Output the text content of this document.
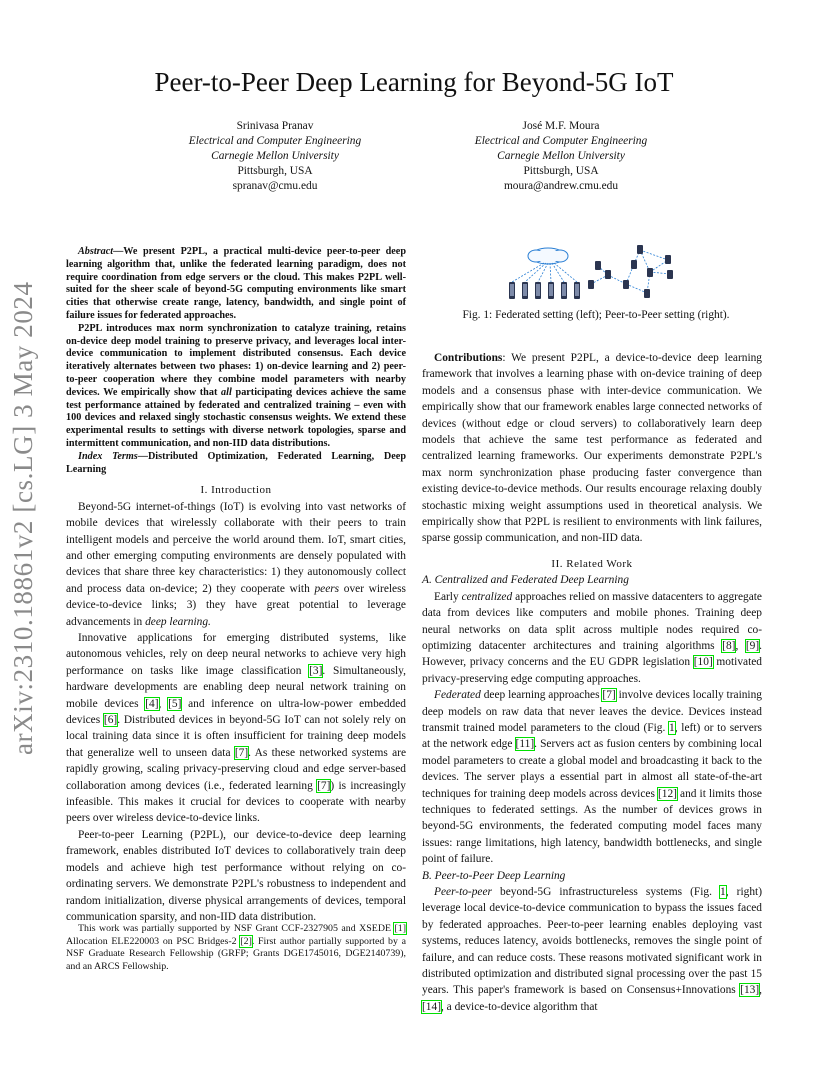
Peer-to-Peer Deep Learning for Beyond-5G IoT
Srinivasa Pranav
Electrical and Computer Engineering
Carnegie Mellon University
Pittsburgh, USA
spranav@cmu.edu
José M.F. Moura
Electrical and Computer Engineering
Carnegie Mellon University
Pittsburgh, USA
moura@andrew.cmu.edu
arXiv:2310.18861v2 [cs.LG] 3 May 2024

Abstract—We present P2PL, a practical multi-device peer-to-peer deep learning algorithm that, unlike the federated learning paradigm, does not require coordination from edge servers or the cloud. This makes P2PL well-suited for the sheer scale of beyond-5G computing environments like smart cities that otherwise create range, latency, bandwidth, and single point of failure issues for federated approaches.

P2PL introduces max norm synchronization to catalyze training, retains on-device deep model training to preserve privacy, and leverages local inter-device communication to implement distributed consensus. Each device iteratively alternates between two phases: 1) on-device learning and 2) peer-to-peer cooperation where they combine model parameters with nearby devices. We empirically show that all participating devices achieve the same test performance attained by federated and centralized training – even with 100 devices and relaxed singly stochastic consensus weights. We extend these experimental results to settings with diverse network topologies, sparse and intermittent communication, and non-IID data distributions.

Index Terms—Distributed Optimization, Federated Learning, Deep Learning

I. Introduction

Beyond-5G internet-of-things (IoT) is evolving into vast networks of mobile devices that wirelessly collaborate with their peers to train intelligent models and perceive the world around them. IoT, smart cities, and other emerging computing environments are densely populated with devices that share three key characteristics: 1) they autonomously collect and process data on-device; 2) they cooperate with peers over wireless device-to-device links; 3) they have great potential to leverage advancements in deep learning.

Innovative applications for emerging distributed systems, like autonomous vehicles, rely on deep neural networks to achieve very high performance on tasks like image classification [ 3 ] . Simultaneously, hardware developments are enabling deep neural network training on mobile devices [ 4 ] , [ 5 ] and inference on ultra-low-power embedded devices [ 6 ] . Distributed devices in beyond-5G IoT can not solely rely on local training data since it is often insufficient for training deep models that generalize well to unseen data [ 7 ] . As these networked systems are rapidly growing, scaling privacy-preserving cloud and edge server-based collaboration among devices (i.e., federated learning [ 7 ] ) is increasingly infeasible. This makes it crucial for devices to cooperate with nearby peers over wireless device-to-device links.

Peer-to-peer Learning (P2PL), our device-to-device deep learning framework, enables distributed IoT devices to collaboratively train deep models and achieve high test performance without relying on co-ordinating servers. We demonstrate P2PL's robustness to independent and random initialization, diverse physical arrangements of devices, temporal communication sparsity, and non-IID data distribution.

This work was partially supported by NSF Grant CCF-2327905 and XSEDE [ 1 ] Allocation ELE220003 on PSC Bridges-2 [ 2 ] . First author partially supported by a NSF Graduate Research Fellowship (GRFP; Grants DGE1745016, DGE2140739), and an ARCS Fellowship.

Fig. 1: Federated setting (left); Peer-to-Peer setting (right).

Contributions: We present P2PL, a device-to-device deep learning framework that involves a learning phase with on-device training of deep models and a consensus phase with inter-device communication. We empirically show that our framework enables large connected networks of devices (without edge or cloud servers) to collaboratively learn deep models that achieve the same test performance as federated and centralized learning frameworks. Our experiments demonstrate P2PL's max norm synchronization phase producing faster convergence than existing device-to-device methods. Our results encourage relaxing doubly stochastic mixing weight assumptions used in theoretical analysis. We empirically show that P2PL is resilient to environments with link failures, sparse gossip communication, and non-IID data.

II. Related Work

A. Centralized and Federated Deep Learning

Early centralized approaches relied on massive datacenters to aggregate data from devices like computers and mobile phones. Training deep neural networks on data split across multiple nodes required co-optimizing datacenter architectures and training algorithms [ 8 ] , [ 9 ] . However, privacy concerns and the EU GDPR legislation [ 10 ] motivated privacy-preserving edge computing approaches.

Federated deep learning approaches [ 7 ] involve devices locally training deep models on raw data that never leaves the device. Devices instead transmit trained model parameters to the cloud (Fig. 1, left) or to servers at the network edge [ 11 ] . Servers act as fusion centers by combining local model parameters to create a global model and broadcasting it back to the devices. The server plays a essential part in almost all state-of-the-art techniques for training deep models across devices [ 12 ] and it limits those techniques to federated settings. As the number of devices grows in beyond-5G environments, the federated computing model faces many issues: range limitations, high latency, bandwidth bottlenecks, and single point of failure.

B. Peer-to-Peer Deep Learning

Peer-to-peer beyond-5G infrastructureless systems (Fig. 1, right) leverage local device-to-device communication to bypass the issues faced by federated approaches. Peer-to-peer learning enables deploying vast systems, reduces latency, avoids bottlenecks, removes the single point of failure, and can reduce costs. These reasons motivated significant work in distributed optimization and distributed signal processing over the past 15 years. This paper's framework is based on Consensus+Innovations [ 13 ] , [ 14 ] , a device-to-device algorithm that
